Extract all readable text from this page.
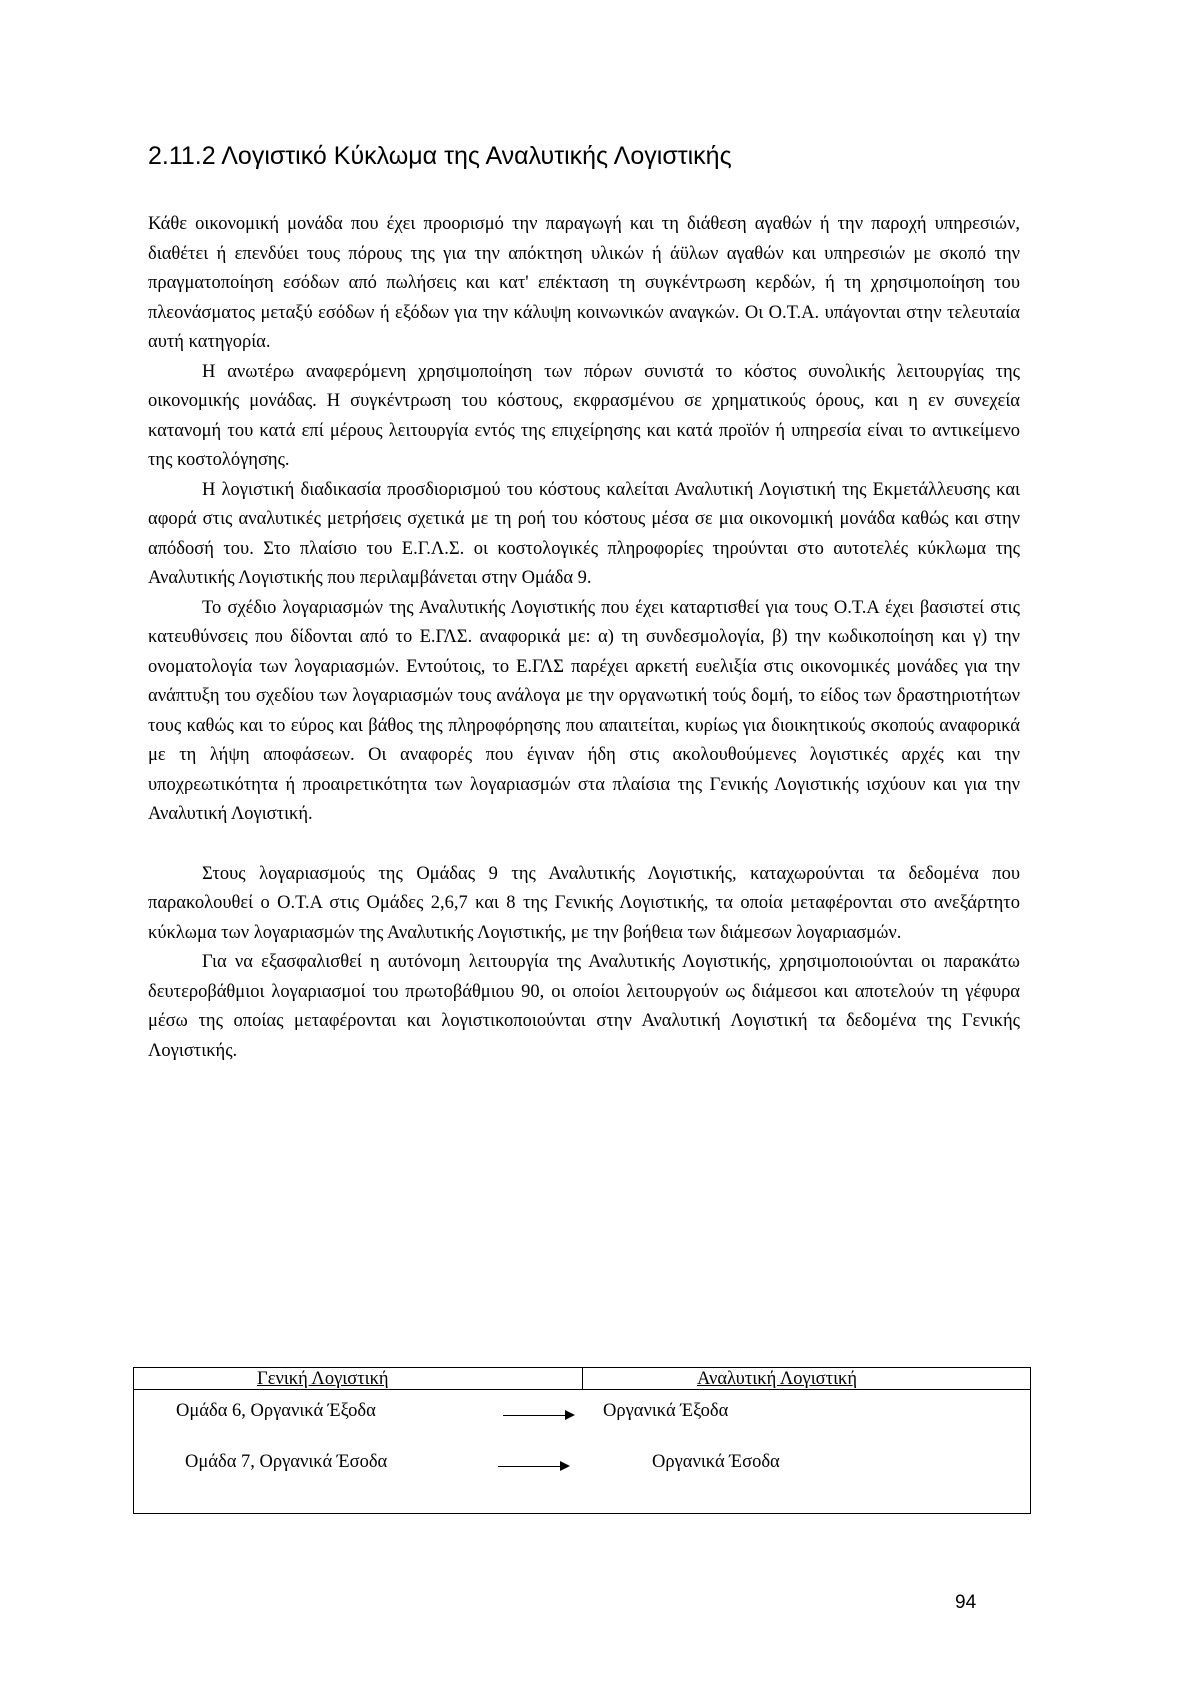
2.11.2 Λογιστικό Κύκλωμα της Αναλυτικής Λογιστικής

Κάθε οικονομική μονάδα που έχει προορισμό την παραγωγή και τη διάθεση αγαθών ή την παροχή υπηρεσιών, διαθέτει ή επενδύει τους πόρους της για την απόκτηση υλικών ή άϋλων αγαθών και υπηρεσιών με σκοπό την πραγματοποίηση εσόδων από πωλήσεις και κατ' επέκταση τη συγκέντρωση κερδών, ή τη χρησιμοποίηση του πλεονάσματος μεταξύ εσόδων ή εξόδων για την κάλυψη κοινωνικών αναγκών. Οι Ο.Τ.Α. υπάγονται στην τελευταία αυτή κατηγορία.

Η ανωτέρω αναφερόμενη χρησιμοποίηση των πόρων συνιστά το κόστος συνολικής λειτουργίας της οικονομικής μονάδας. Η συγκέντρωση του κόστους, εκφρασμένου σε χρηματικούς όρους, και η εν συνεχεία κατανομή του κατά επί μέρους λειτουργία εντός της επιχείρησης και κατά προϊόν ή υπηρεσία είναι το αντικείμενο της κοστολόγησης.

Η λογιστική διαδικασία προσδιορισμού του κόστους καλείται Αναλυτική Λογιστική της Εκμετάλλευσης και αφορά στις αναλυτικές μετρήσεις σχετικά με τη ροή του κόστους μέσα σε μια οικονομική μονάδα καθώς και στην απόδοσή του. Στο πλαίσιο του Ε.Γ.Λ.Σ. οι κοστολογικές πληροφορίες τηρούνται στο αυτοτελές κύκλωμα της Αναλυτικής Λογιστικής που περιλαμβάνεται στην Ομάδα 9.

Το σχέδιο λογαριασμών της Αναλυτικής Λογιστικής που έχει καταρτισθεί για τους Ο.Τ.Α έχει βασιστεί στις κατευθύνσεις που δίδονται από το Ε.ΓΛΣ. αναφορικά με: α) τη συνδεσμολογία, β) την κωδικοποίηση και γ) την ονοματολογία των λογαριασμών. Εντούτοις, το Ε.ΓΛΣ παρέχει αρκετή ευελιξία στις οικονομικές μονάδες για την ανάπτυξη του σχεδίου των λογαριασμών τους ανάλογα με την οργανωτική τούς δομή, το είδος των δραστηριοτήτων τους καθώς και το εύρος και βάθος της πληροφόρησης που απαιτείται, κυρίως για διοικητικούς σκοπούς αναφορικά με τη λήψη αποφάσεων. Οι αναφορές που έγιναν ήδη στις ακολουθούμενες λογιστικές αρχές και την υποχρεωτικότητα ή προαιρετικότητα των λογαριασμών στα πλαίσια της Γενικής Λογιστικής ισχύουν και για την Αναλυτική Λογιστική.

Στους λογαριασμούς της Ομάδας 9 της Αναλυτικής Λογιστικής, καταχωρούνται τα δεδομένα που παρακολουθεί ο Ο.Τ.Α στις Ομάδες 2,6,7 και 8 της Γενικής Λογιστικής, τα οποία μεταφέρονται στο ανεξάρτητο κύκλωμα των λογαριασμών της Αναλυτικής Λογιστικής, με την βοήθεια των διάμεσων λογαριασμών.

Για να εξασφαλισθεί η αυτόνομη λειτουργία της Αναλυτικής Λογιστικής, χρησιμοποιούνται οι παρακάτω δευτεροβάθμιοι λογαριασμοί του πρωτοβάθμιου 90, οι οποίοι λειτουργούν ως διάμεσοι και αποτελούν τη γέφυρα μέσω της οποίας μεταφέρονται και λογιστικοποιούνται στην Αναλυτική Λογιστική τα δεδομένα της Γενικής Λογιστικής.

Γενική Λογιστική	Αναλυτική Λογιστική
Ομάδα 6, Οργανικά Έξοδα	Οργανικά Έξοδα
Ομάδα 7, Οργανικά Έσοδα	Οργανικά Έσοδα
94
